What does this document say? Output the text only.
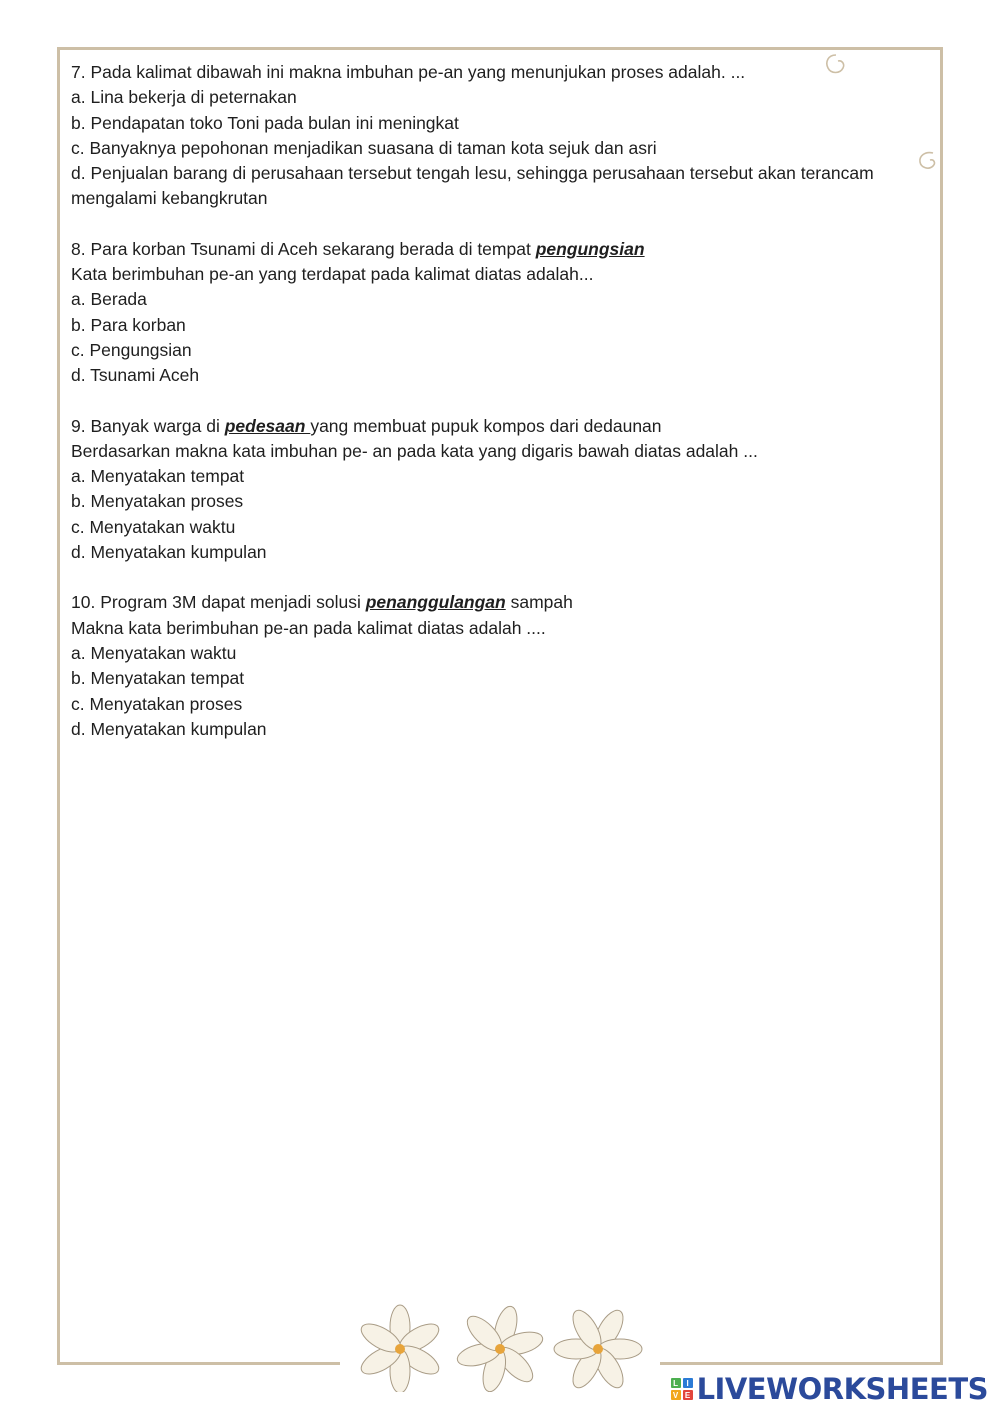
7. Pada kalimat dibawah ini makna imbuhan pe-an yang menunjukan proses adalah. ...
a. Lina bekerja di peternakan
b. Pendapatan toko Toni pada bulan ini meningkat
c. Banyaknya pepohonan menjadikan suasana di taman kota sejuk dan asri
d. Penjualan barang di perusahaan tersebut tengah lesu, sehingga perusahaan tersebut akan terancam mengalami kebangkrutan
8. Para korban Tsunami di Aceh sekarang berada di tempat pengungsian
Kata berimbuhan pe-an yang terdapat pada kalimat diatas adalah...
a. Berada
b. Para korban
c. Pengungsian
d. Tsunami Aceh
9. Banyak warga di pedesaan yang membuat pupuk kompos dari dedaunan
Berdasarkan makna kata imbuhan pe- an pada kata yang digaris bawah diatas adalah ...
a. Menyatakan tempat
b. Menyatakan proses
c. Menyatakan waktu
d. Menyatakan kumpulan
10. Program 3M dapat menjadi solusi penanggulangan sampah
Makna kata berimbuhan pe-an pada kalimat diatas adalah ....
a. Menyatakan waktu
b. Menyatakan tempat
c. Menyatakan proses
d. Menyatakan kumpulan
L	I
V E LIVEWORKSHEETS
